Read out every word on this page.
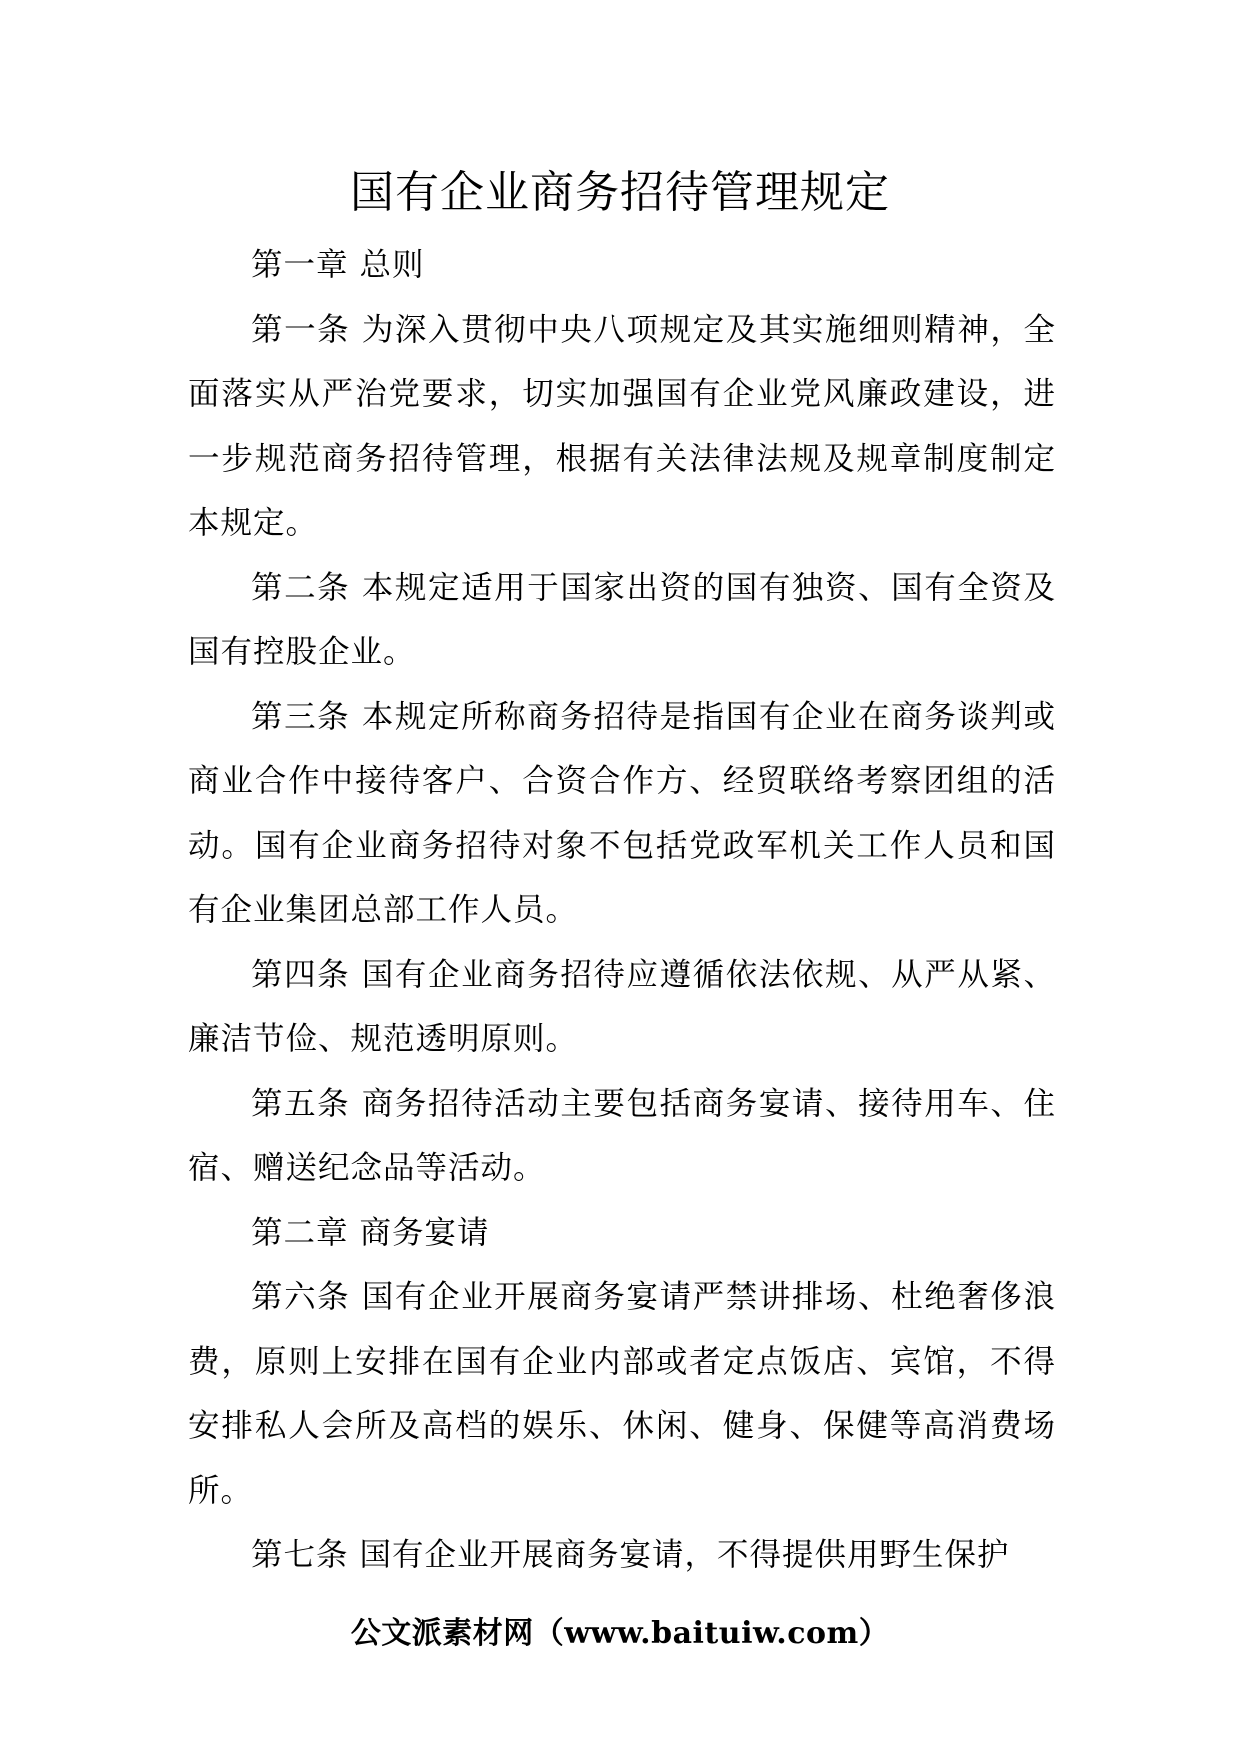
国有企业商务招待管理规定

第一章 总则

第一条 为深入贯彻中央八项规定及其实施细则精神，全面落实从严治党要求，切实加强国有企业党风廉政建设，进一步规范商务招待管理，根据有关法律法规及规章制度制定本规定。

第二条 本规定适用于国家出资的国有独资、国有全资及国有控股企业。

第三条 本规定所称商务招待是指国有企业在商务谈判或商业合作中接待客户、合资合作方、经贸联络考察团组的活动。国有企业商务招待对象不包括党政军机关工作人员和国有企业集团总部工作人员。

第四条 国有企业商务招待应遵循依法依规、从严从紧、廉洁节俭、规范透明原则。

第五条 商务招待活动主要包括商务宴请、接待用车、住宿、赠送纪念品等活动。

第二章 商务宴请

第六条 国有企业开展商务宴请严禁讲排场、杜绝奢侈浪费，原则上安排在国有企业内部或者定点饭店、宾馆，不得安排私人会所及高档的娱乐、休闲、健身、保健等高消费场所。

第七条 国有企业开展商务宴请，不得提供用野生保护

公文派素材网（www.baituiw.com）
